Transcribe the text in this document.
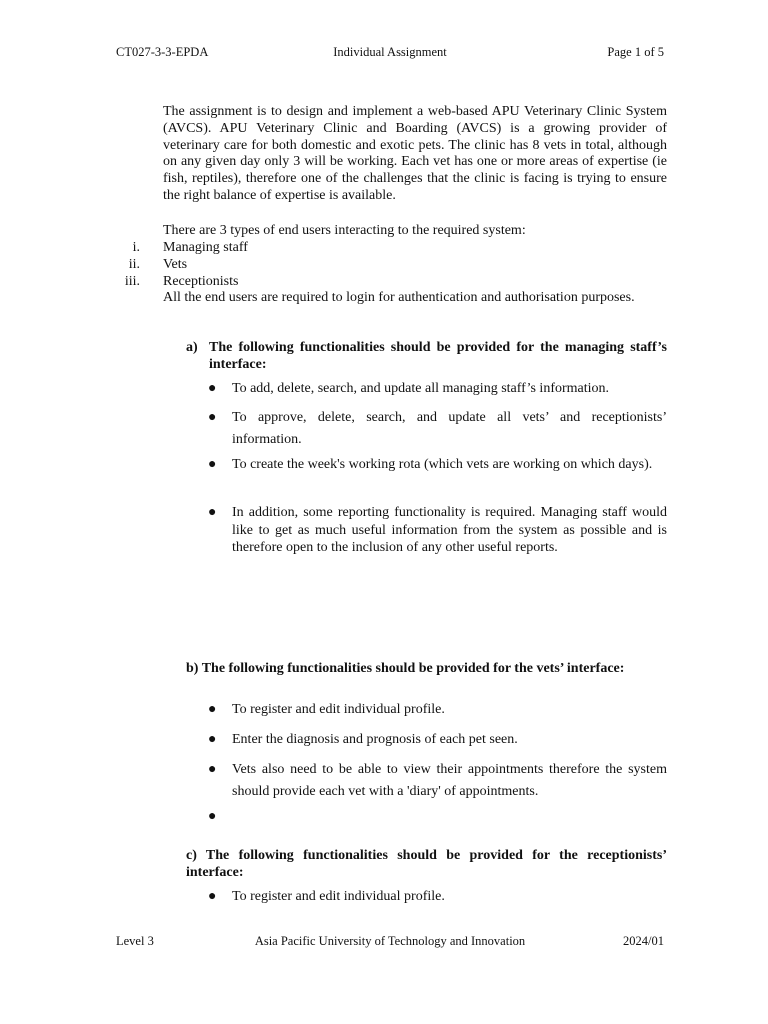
CT027-3-3-EPDA	Individual Assignment	Page 1 of 5
The assignment is to design and implement a web-based APU Veterinary Clinic System (AVCS). APU Veterinary Clinic and Boarding (AVCS) is a growing provider of veterinary care for both domestic and exotic pets. The clinic has 8 vets in total, although on any given day only 3 will be working. Each vet has one or more areas of expertise (ie fish, reptiles), therefore one of the challenges that the clinic is facing is trying to ensure the right balance of expertise is available.
There are 3 types of end users interacting to the required system:
i. Managing staff
ii. Vets
iii. Receptionists
All the end users are required to login for authentication and authorisation purposes.
a) The following functionalities should be provided for the managing staff’s interface:
● To add, delete, search, and update all managing staff’s information.
● To approve, delete, search, and update all vets’ and receptionists’ information.
● To create the week's working rota (which vets are working on which days).
● In addition, some reporting functionality is required. Managing staff would like to get as much useful information from the system as possible and is therefore open to the inclusion of any other useful reports.
b) The following functionalities should be provided for the vets’ interface:
● To register and edit individual profile.
● Enter the diagnosis and prognosis of each pet seen.
● Vets also need to be able to view their appointments therefore the system should provide each vet with a 'diary' of appointments.
●
c) The following functionalities should be provided for the receptionists’ interface:
● To register and edit individual profile.
Level 3	Asia Pacific University of Technology and Innovation	2024/01
